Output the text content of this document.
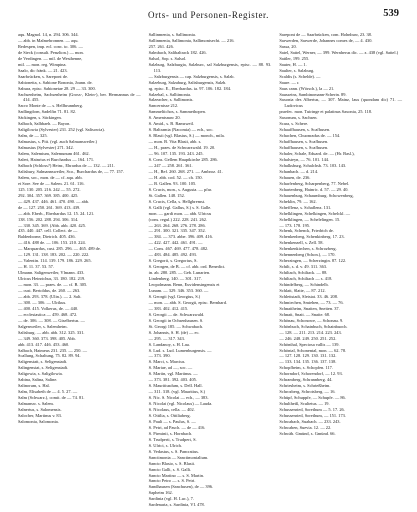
Orts- und Personen-Register.	539
aqu. Magnol. 14, n. 294. 306. 344.
— abb. in Malmebronnen. — aqu.
Redespen, imp. ecl. conc. to. 306. —
de Sieck (consult. Penzlion.) — mon.
de Verdingen. — mil. de Westhenne,
mil. — mon. reg. Wimpina.
Saalo, dic fränk. — 21. 423.
Saarbrücken, s. Sarepont de.
Sabionetta, s. Sabione Bononia, Joann. de.
Sabura, episc. Sabionetae 28. 29 — 33. 300.
Sachsenheim, Sachsenheim (Gross-, Klein-), ber. Hermannus de — 414. 455.
Sacro Monte de — s. Hellbrunnberg.
Sadlingdorn, Sadelfin 71. 81. 82.
Säckingen, s. Säckingen.
Salbach, Salhbaeh. — Bayon.
Saligilowia (Sylvester) 231. 252 (vgl. Salisowia).
Salm, de — 325.
Salmasius, s. Pitt. (vgl. auch Salmansweiler.)
Salmasius (Sylvester) 271. 342.
Salem, Salemium, Salemunum 461. 462.
Salert, Hainrius et Burchardus — 164. 171.
Salbach (Schloss?) Heinr., Ehrardus de — 132. — 211.
Salisbury, Salmannsweiler, Sco., Burchardus de, — 77. 157.
Salem, soc., mon. de — cf. aqu. abb.
et Sore. See de — Salem. 21. 61. 116.
125. 130. 205. 216. 242 — 55. 272.
292. 304. 357. 369. 385. 400. 425.
— 429. 437. 446. 461. 470. 490. — abb.
de — 127. 250. 261. 369. 413. 439.
— abb. Eberh., Eberhardus 12. 15. 24. 121.
138. 156. 202. 288. 294. 306. 314.
— 330. 345. 369. (Abb. abb. 420. 425.
435. 440. 447. cell. Collect. de —
Baldenborne, Dietrich. 405. 436.
— 416. 488 de. — 106. 153. 210. 224.
— Marquardus, cust. 285. 296. — 465. 489 de.
— 129. 131. 138. 183. 202. — 220. 222.
— Valentin. 114. 139. 179. 186. 229. 265.
— H. 11. 37. 53. 57.
Ulmann. Saligenweiler, Vlmann. 433.
Ulricus Heinrichus, 33. 180. 182. 219.
— mon. 33. — praes. de. — cf. B. 305.
— cust. Bertoldus, de. 260. — 263.
— abb. 293. 378. (Ulin.). — 2. Salt.
— 300. — 306. — Ulrikus.
— 400. 415. Volkerus, de. — 440.
— ecclesiastica — 459. 468. 472.
— de. 306. — 308. — Giselbertus. —
Salgenweiler, s. Salemheim.
Salisburg. — abb. abb. 312. 325. 331.
— 349. 360. 373. 398. 405. Abb.
abb. 413. 417. 446. 453. 460.
Salbach, Haimeus 231. 235. — 250. —
Scallung, Schaltung, 75. 82. 89. 94.
Saligenstatt, s. Seligenstadt.
Salingenstat, s. Seligenstadt.
Saligowia, s. Saligilowia.
Sabina, Salina, Saline.
Salinorum, s. Hal.
Salm, Elisabeth de — 4. 5. 27. —
Salm (Schwarz.), comit. de — 74. 81.
Salmansw. s. Salem.
Salnertus, s. Salomensis.
Salocher, Martinus v. 83.
Salomonia, Salomonia.
Sallinmenia, s. Sallimonia.
Sallinmenia, Sallimonia, Sallimonisecht. — 216.
257. 261. 426.
Salmbach, Salibaltrack 182. 426.
Salsol, Sop. s. Salsol.
Salzburg, Salzburgia, Salzburc, sal Salzburgensis, episc. — 88. 93. 113.
— Salzburgensis — cap. Salzburgensis, s. Salzb.
Salzeburg, Salzaburg, Salisburgensis, Salzb.
rg. episc. E., Eberhardus. ia. 97. 106. 182. 184.
Salzebal, s. Salltimonia.
Salzeacher, s. Sallimonis.
Sancernisse 212.
Sammeltichos, s. Sammethopen.
S. Amentsnaw 20.
S. Amid., s. B. Ramsweil.
S. Baltramia (Nacomia) — ech., soc.
S. Blasii (vgl. Blasius, S.) — monch., mila.
— mon. B. Vita Blasii, abb. s.
— H., praes. de Schwarzwald. 19. 20.
— 96. 107. 135. 193. 243. 245.
S. Cons. Gellem Hauptkirche 285. 286.
— 247 — 258. 261. 361.
— H., Ref. 260. 268. 271. — Ambroz. 41.
— H. abb. cod. 52. — ch. 150.
— B. Gallen. 93. 100. 105.
S. Crucis, mon., s. Augusta. — pfar.
St. Gallen. 148. 152.
S. Crucis, Cella, s. Hellgbremst.
S. Galli (vgl. Gallus, S.) s. S. Galle.
mon. — gardi mon. — abb. Ulricus
(cons. regul.) 222. 228. 241. 262.
— 263. 264. 268. 276. 278. 286.
— 291. 300. 321. 335. 347. 352.
— 384. — 373. abbe. 396. 409. 416.
— 422. 427. 442. 461. 491. —
— Cons. 467. 469. 477. 478. 482.
— 483. 484. 485. 492. 493.
S. Gregorii, s. Gregorius, S.
S. Georgen, de B. — cf. abb. ord. Benedict.
in. ab. 280. 285. — Geb. Lunarien.
Lindenberg. 140. — 301. 317.
Leopolmann. Benn, Euvidensingensis et
Lunam. — 329. 346. 353. 360. —
S. Georgii (vgl. Georgius, S.)
— mon. — abb. S. Georgii, episc. Bernhard.
— 383. 402. 412. 415.
S. Georgii — de. Schwarzwald.
S. Georgii in Ochsenhausen. S.
St. Georgi 185. — Schwabach.
S. Johannis, S. H. (de) — ec.
— 295. — 317. 343.
S. Landanoy, s. H. Lau.
S. Lud. s. Lud. Lumenburgensis. —
— 373. 390.
S. Marci, s. Marcius.
S. Mariae, ad —, soc. —
S. Martin, vgl. Martinus. —
— 373. 381. 392. 403. 405.
S. Mauritiusdum, s. Dell. Hall.
— 311. 318. (vgl. Mauritius, S.)
S. Nic. S. Nicolai — ech., — 383.
S. Nicolai (vgl. Nicolaus) — Lauda.
S. Nicolaus, cella. — 402.
S. Ottilia, s. Ottiliaberg.
S. Pauli — s. Paulus, S. —
S. Petri, ad Pasch. — de — 416.
S. Pirminii, s. Hornbach.
S. Trudperti, s. Trudpert, S.
S. Ulrici, s. Ulrich.
S. Vedastus, s. S. Pancratius.
Sanctimonia — Sanctimonialium.
Sancto Blasio, s. S. Blasii.
Sancto Galli, s. S. Galli.
Sancto Martino — s. S. Martin.
Sancto Petro — s. S. Petri.
Sandhausen (Sanchusen), de — 396.
Sapheim 162.
Sardinia (vgl. H. Luc.), 7.
Sardenaria, s. Sardinia, VI. 478.
Sarepont de — Saarbrücken, com. Hohnbuw, 23. 38.
Sarwerden, Sarwerde, Johannes comes de, — 4. 430.
Sassa, 20.
Satel, Sattel, Werner, — 399. Wernherus dic. — z. 438 (vgl. Sattel.)
Sattler, 199. 255.
Sauter, H. — 1.
Saulter, s. Salzburg.
Scaldis (s. Schelde). —
Saure. — r.
Saus cann. (Wörsch.), la — 21.
Sausseins, Sambinomann-Scherin. 89.
Saxonia des Albertus, — 307. Mainz, laus (quondam dic) 71. — Ludovicus
praefec. mon. Tuiringe et palatinus Saxonia, 25. 118.
Saxonum, s. Sachsen.
Scara, s. Schere.
Schaaffhausen, s. Scafhusen.
Schachen, Chuonradus de. — 154.
Schaffhausen, s. Scafhusen.
Schaffhausen, s. Scafhusen.
Schaler, Schale, Eduard. de. — (Hr. Basl.),
Schalsteyn, — 76. 101. 144.
Schalksburg, Schalchsb. 73. 103. 143.
Schanbach. — d. 214.
Schauen, de. 236.
Scharfenberg, Scharpenberg, 77. Nebel.
Schartenberg, Hainric. d. 57. — 29. 40.
Schauenburg, Schaumburg. Schowenberg,
Scheklin, 79. — 162.
Schefflenz, s. Schaflenz. 131.
Schelklingen, Schelkingen, Schelckl. —
Schelklingen, — Schelelingen. 15.
— 173. 178. 195.
Schenk, Schenck, Friedrich de.
Schenkenberg, Schenkinberg. 17. 23.
Schenkenzell, s. Zell. 58.
Schenkenkirchen, s. Schrozberg.
Schennenberg (Schon.), — 170.
Scherzingen, — Scherzingin. 87. 122.
Schilt, s. d. v. 49. 311. 363.
Schiltach, Schiltack. — 88.
Schiltach, Schiltach — s. 418.
Schindelberg, — Schindelb.
Schlatt, Slatte, — 87. 212.
Schlettstadt, Sletstat. 33. 46. 208.
Schmiechen, Smiehen, — 73. — 76.
Schnaitheim, Snaiten, Sneiten. 37.
Schnait, Snait. — Snaite. 68.
Schönau, Schonowe, — Schonau. 9.
Schönbuch, Schainbuch, Schainbuoch.
— 128. — 211. 213. 214. 223. 243.
— 246. 248. 249. 250. 251. 252.
Schönthal, Speciosa vallis — 139.
Schöntal, Schonental, mon. — 62. 78.
— 127. 128. 129. 130. 131. 132.
— 133. 134. 135. 136. 137. 138.
Schopfheim, s. Schopfen. 117.
Schorndorf, Schorendorf, — 12. 93.
Schramberg, Schrannberg. 44.
Schriesheim, s. Schrießheim.
Schrozberg, Schrotsberg. — 16.
Schüpf, Schuppfe, — Schupfe. — 86.
Schultheiß, Scultetus. — 19.
Schussenried, Sorethum — 5. 17. 26.
Schussenried, Sorethum, — 151. 173.
Schwabach, Suabach. — 233. 243.
Schwaben, Suevia. 12. — 22.
Schwäb. Gmünd, s. Gmünd. 66.
